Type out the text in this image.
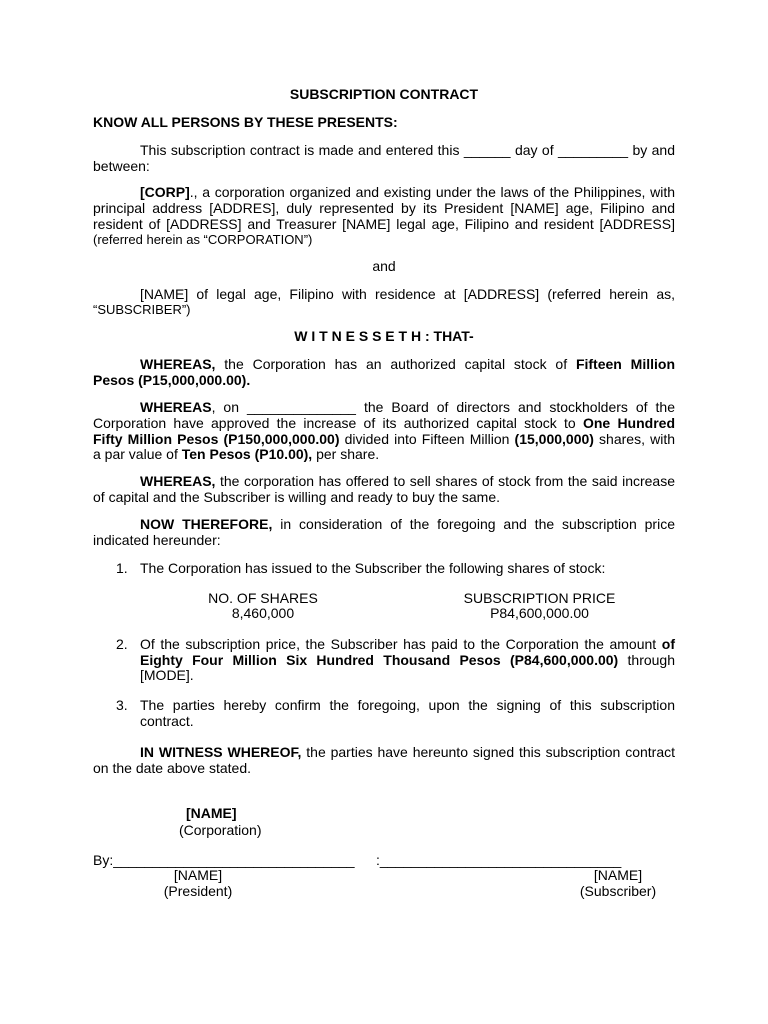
SUBSCRIPTION CONTRACT
KNOW ALL PERSONS BY THESE PRESENTS:
This subscription contract is made and entered this ______ day of _________ by and
between:
[CORP]., a corporation organized and existing under the laws of the Philippines, with
principal address [ADDRES], duly represented by its President [NAME] age, Filipino and
resident of [ADDRESS] and Treasurer [NAME] legal age, Filipino and resident [ADDRESS]
(referred herein as “CORPORATION”)
and
[NAME] of legal age, Filipino with residence at [ADDRESS] (referred herein as,
“SUBSCRIBER”)
W I T N E S S E T H : THAT-
WHEREAS, the Corporation has an authorized capital stock of Fifteen Million
Pesos (P15,000,000.00).
WHEREAS, on ______________ the Board of directors and stockholders of the
Corporation have approved the increase of its authorized capital stock to One Hundred
Fifty Million Pesos (P150,000,000.00) divided into Fifteen Million (15,000,000) shares, with
a par value of Ten Pesos (P10.00), per share.
WHEREAS, the corporation has offered to sell shares of stock from the said increase
of capital and the Subscriber is willing and ready to buy the same.
NOW THEREFORE, in consideration of the foregoing and the subscription price
indicated hereunder:
1. The Corporation has issued to the Subscriber the following shares of stock:
NO. OF SHARES
8,460,000
SUBSCRIPTION PRICE
P84,600,000.00
2. Of the subscription price, the Subscriber has paid to the Corporation the amount of
Eighty Four Million Six Hundred Thousand Pesos (P84,600,000.00) through
[MODE].
3. The parties hereby confirm the foregoing, upon the signing of this subscription
contract.
IN WITNESS WHEREOF, the parties have hereunto signed this subscription contract
on the date above stated.
[NAME]
(Corporation)
By:_______________________________ :_______________________________
[NAME]
(President)
[NAME]
(Subscriber)
